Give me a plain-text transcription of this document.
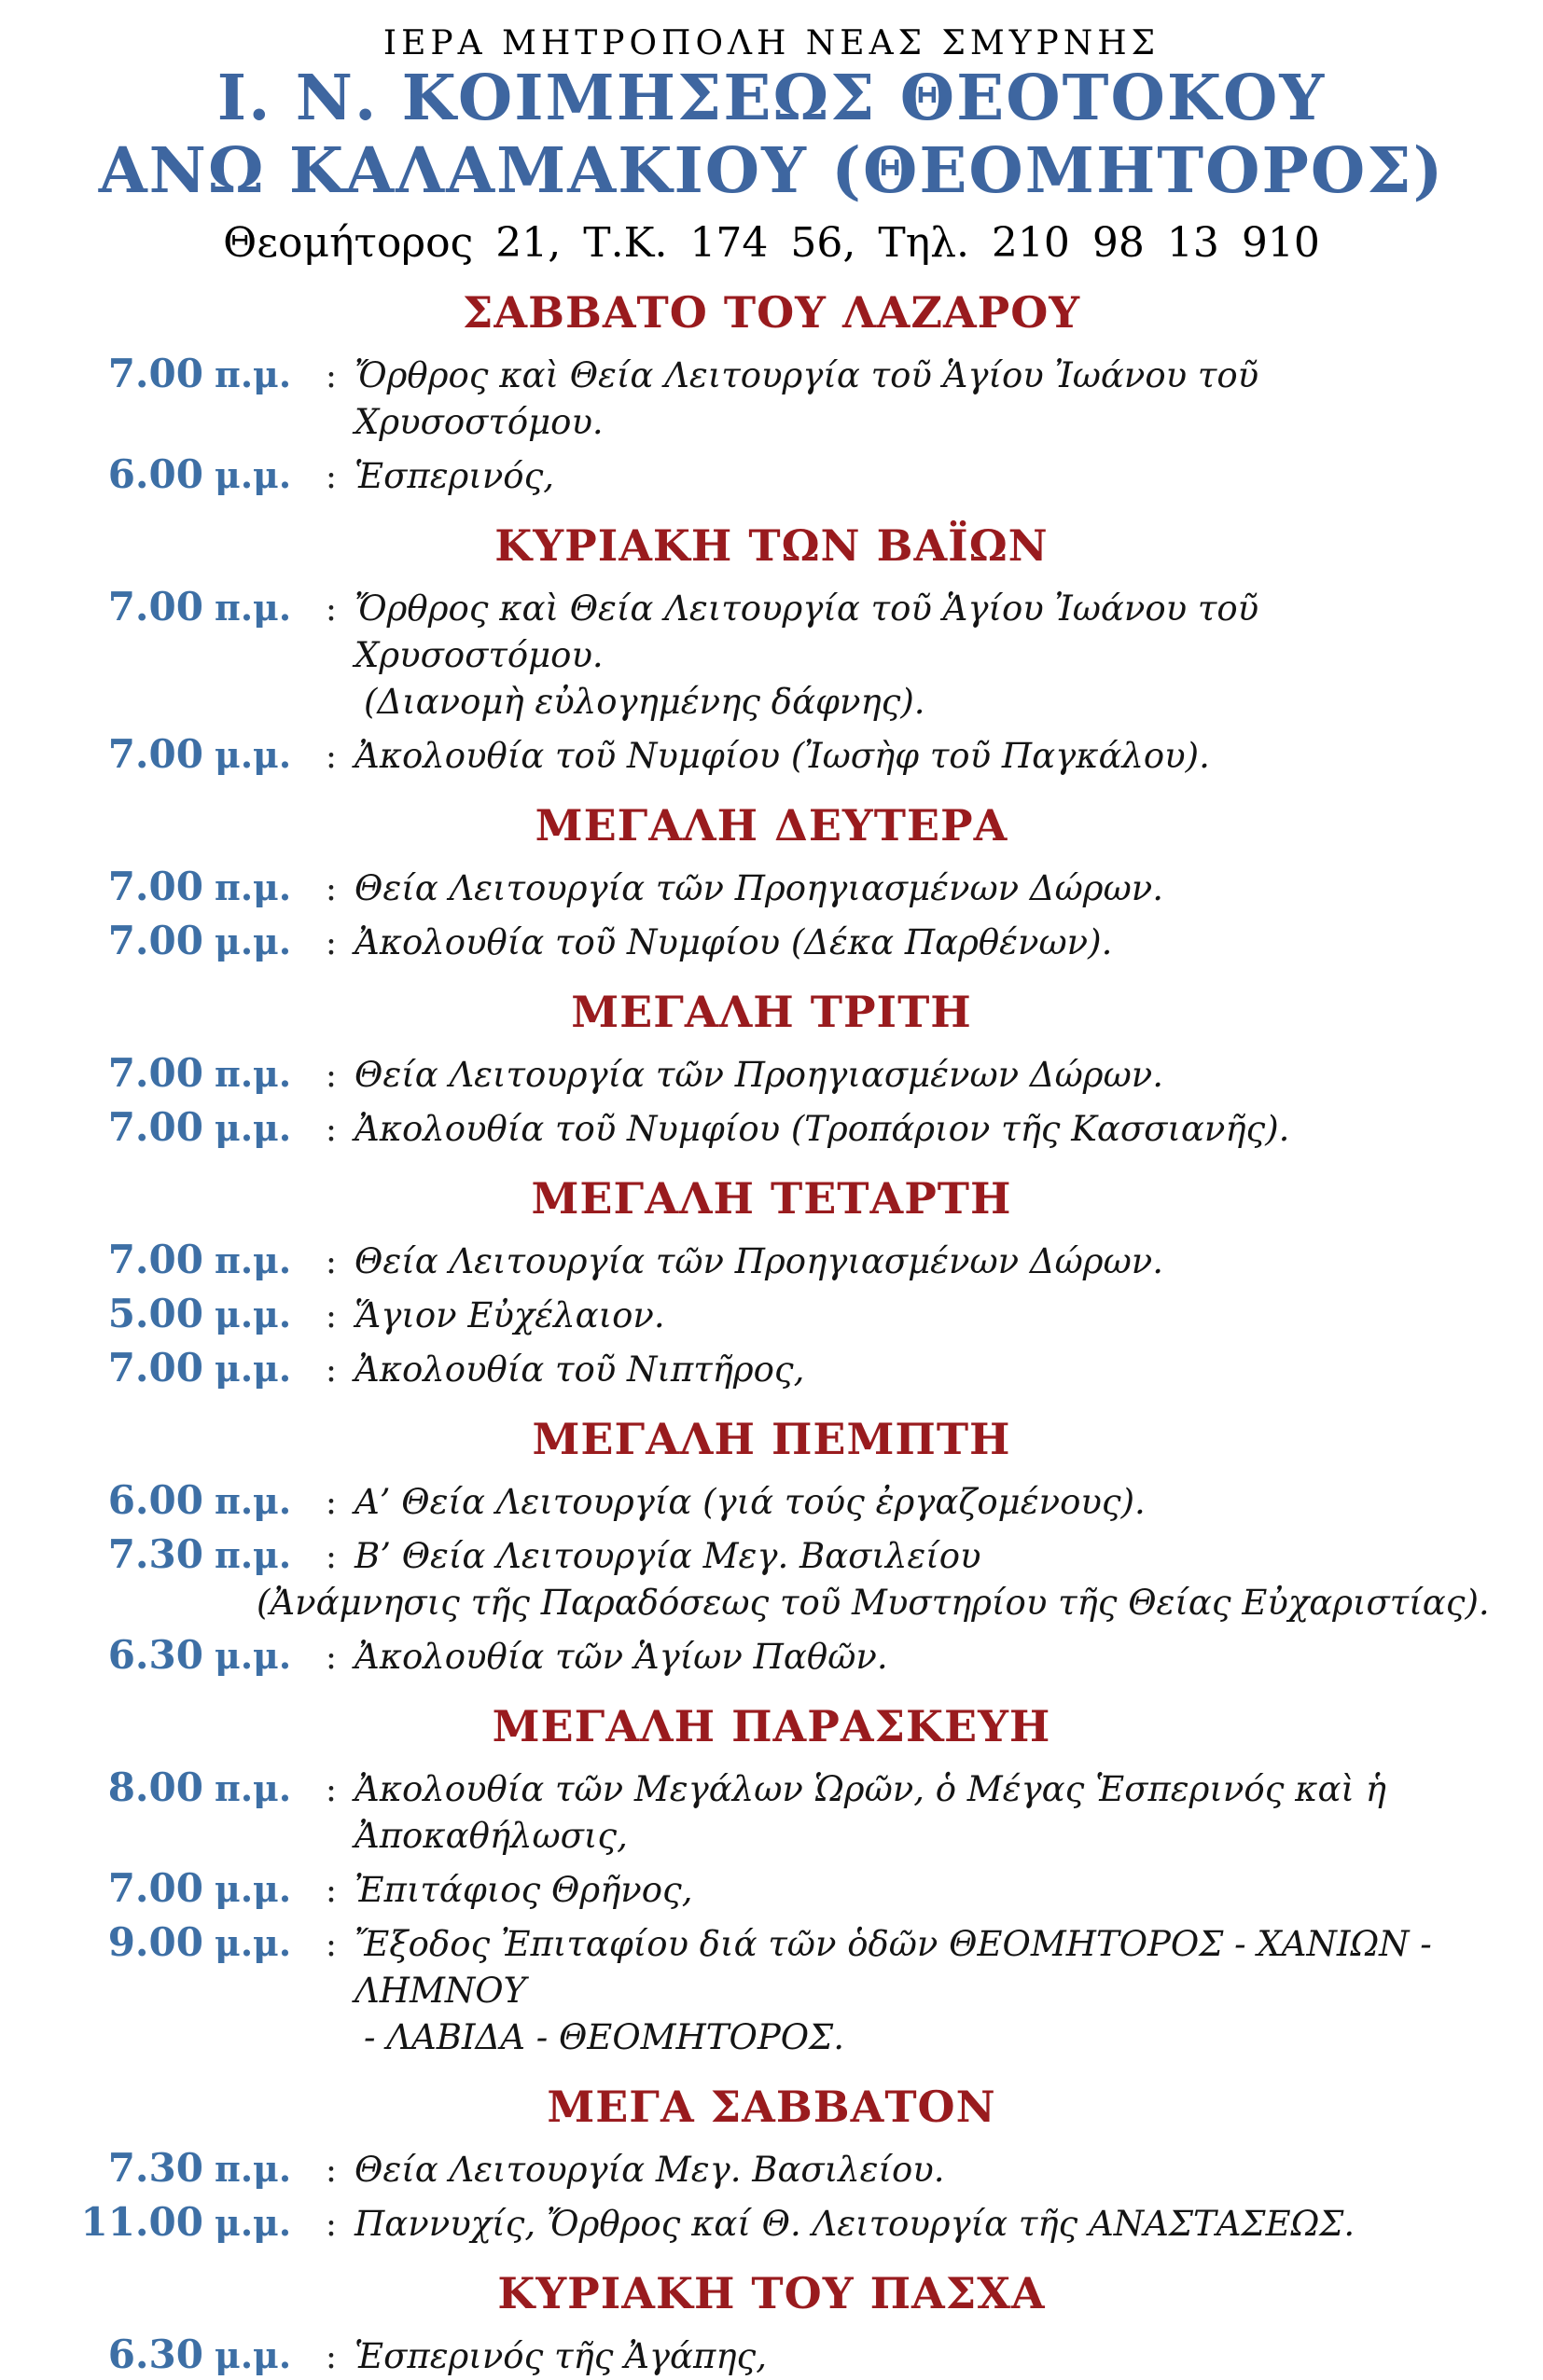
ΙΕΡΑ ΜΗΤΡΟΠΟΛΗ ΝΕΑΣ ΣΜΥΡΝΗΣ
Ι. Ν. ΚΟΙΜΗΣΕΩΣ ΘΕΟΤΟΚΟΥ
ΑΝΩ ΚΑΛΑΜΑΚΙΟΥ (ΘΕΟΜΗΤΟΡΟΣ)
Θεομήτορος 21, Τ.Κ. 174 56, Τηλ. 210 98 13 910
ΣΑΒΒΑΤΟ ΤΟΥ ΛΑΖΑΡΟΥ
7.00 π.μ.	: Ὄρθρος καὶ Θεία Λειτουργία τοῦ Ἁγίου Ἰωάνου τοῦ Χρυσοστόμου.
6.00 μ.μ.	: Ἑσπερινός,
ΚΥΡΙΑΚΗ ΤΩΝ ΒΑΪΩΝ
7.00 π.μ.	: Ὄρθρος καὶ Θεία Λειτουργία τοῦ Ἁγίου Ἰωάνου τοῦ Χρυσοστόμου.
(Διανομὴ εὐλογημένης δάφνης).
7.00 μ.μ.	: Ἀκολουθία τοῦ Νυμφίου (Ἰωσὴφ τοῦ Παγκάλου).
ΜΕΓΑΛΗ ΔΕΥΤΕΡΑ
7.00 π.μ.	: Θεία Λειτουργία τῶν Προηγιασμένων Δώρων.
7.00 μ.μ.	: Ἀκολουθία τοῦ Νυμφίου (Δέκα Παρθένων).
ΜΕΓΑΛΗ ΤΡΙΤΗ
7.00 π.μ.	: Θεία Λειτουργία τῶν Προηγιασμένων Δώρων.
7.00 μ.μ.	: Ἀκολουθία τοῦ Νυμφίου (Τροπάριον τῆς Κασσιανῆς).
ΜΕΓΑΛΗ ΤΕΤΑΡΤΗ
7.00 π.μ.	: Θεία Λειτουργία τῶν Προηγιασμένων Δώρων.
5.00 μ.μ.	: Ἅγιον Εὐχέλαιον.
7.00 μ.μ.	: Ἀκολουθία τοῦ Νιπτῆρος,
ΜΕΓΑΛΗ ΠΕΜΠΤΗ
6.00 π.μ.	: Α’ Θεία Λειτουργία (γιά τούς ἐργαζομένους).
7.30 π.μ.	: Β’ Θεία Λειτουργία Μεγ. Βασιλείου
(Ἀνάμνησις τῆς Παραδόσεως τοῦ Μυστηρίου τῆς Θείας Εὐχαριστίας).
6.30 μ.μ.	: Ἀκολουθία τῶν Ἁγίων Παθῶν.
ΜΕΓΑΛΗ ΠΑΡΑΣΚΕΥΗ
8.00 π.μ.	: Ἀκολουθία τῶν Μεγάλων Ὡρῶν, ὁ Μέγας Ἑσπερινός καὶ ἡ Ἀποκαθήλωσις,
7.00 μ.μ.	: Ἐπιτάφιος Θρῆνος,
9.00 μ.μ.	: Ἔξοδος Ἐπιταφίου διά τῶν ὁδῶν ΘΕΟΜΗΤΟΡΟΣ - ΧΑΝΙΩΝ - ΛΗΜΝΟΥ
- ΛΑΒΙΔΑ - ΘΕΟΜΗΤΟΡΟΣ.
ΜΕΓΑ ΣΑΒΒΑΤΟΝ
7.30 π.μ.	: Θεία Λειτουργία Μεγ. Βασιλείου.
11.00 μ.μ.	: Παννυχίς, Ὄρθρος καί Θ. Λειτουργία τῆς ΑΝΑΣΤΑΣΕΩΣ.
ΚΥΡΙΑΚΗ ΤΟΥ ΠΑΣΧΑ
6.30 μ.μ.	: Ἑσπερινός τῆς Ἀγάπης,
